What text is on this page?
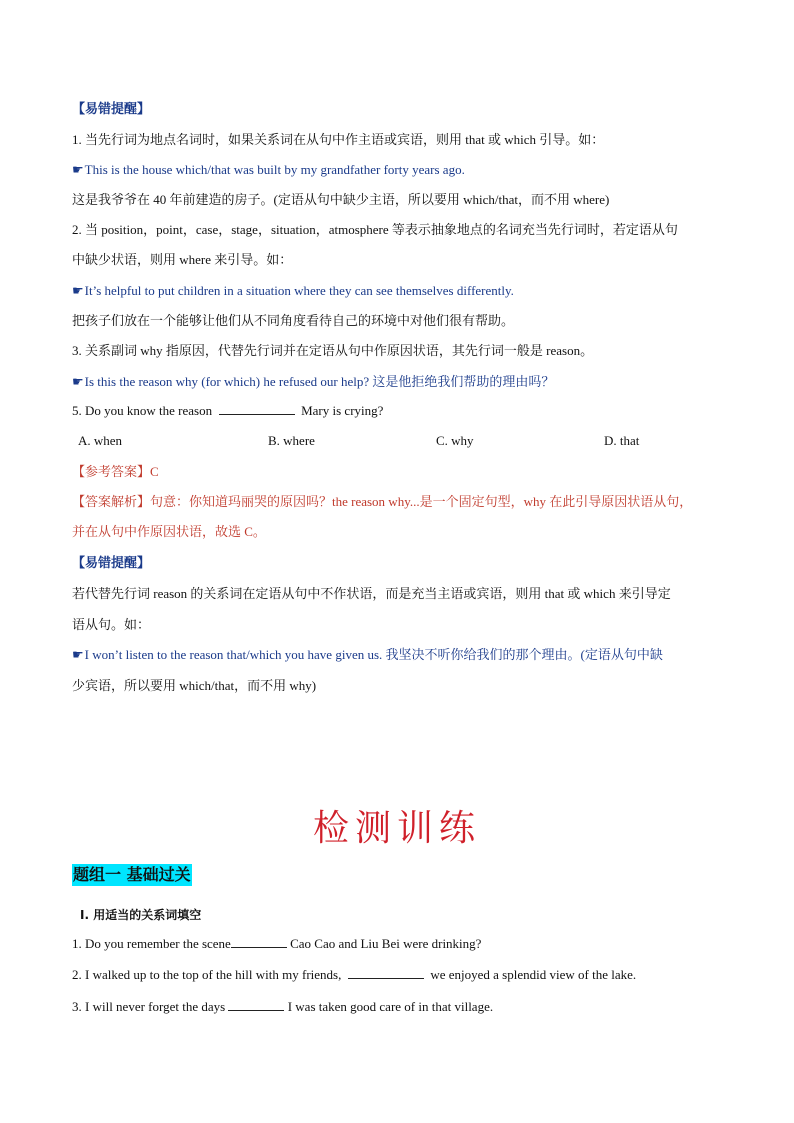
【易错提醒】
1. 当先行词为地点名词时，如果关系词在从句中作主语或宾语，则用 that 或 which 引导。如：
☛This is the house which/that was built by my grandfather forty years ago.
这是我爷爷在 40 年前建造的房子。(定语从句中缺少主语，所以要用 which/that，而不用 where)
2. 当 position，point，case，stage，situation，atmosphere 等表示抽象地点的名词充当先行词时，若定语从句
中缺少状语，则用 where 来引导。如：
☛It’s helpful to put children in a situation where they can see themselves differently.
把孩子们放在一个能够让他们从不同角度看待自己的环境中对他们很有帮助。
3. 关系副词 why 指原因，代替先行词并在定语从句中作原因状语，其先行词一般是 reason。
☛Is this the reason why (for which) he refused our help? 这是他拒绝我们帮助的理由吗？
5. Do you know the reason	Mary is crying?
A. when	B. where	C. why	D. that
【参考答案】C
【答案解析】句意：你知道玛丽哭的原因吗？the reason why...是一个固定句型，why 在此引导原因状语从句，
并在从句中作原因状语，故选 C。
【易错提醒】
若代替先行词 reason 的关系词在定语从句中不作状语，而是充当主语或宾语，则用 that 或 which 来引导定
语从句。如：
☛I won’t listen to the reason that/which you have given us. 我坚决不听你给我们的那个理由。(定语从句中缺
少宾语，所以要用 which/that，而不用 why)
检测训练
题组一 基础过关
I. 用适当的关系词填空
1. Do you remember the scene	Cao Cao and Liu Bei were drinking?
2. I walked up to the top of the hill with my friends,	we enjoyed a splendid view of the lake.
3. I will never forget the days	I was taken good care of in that village.
